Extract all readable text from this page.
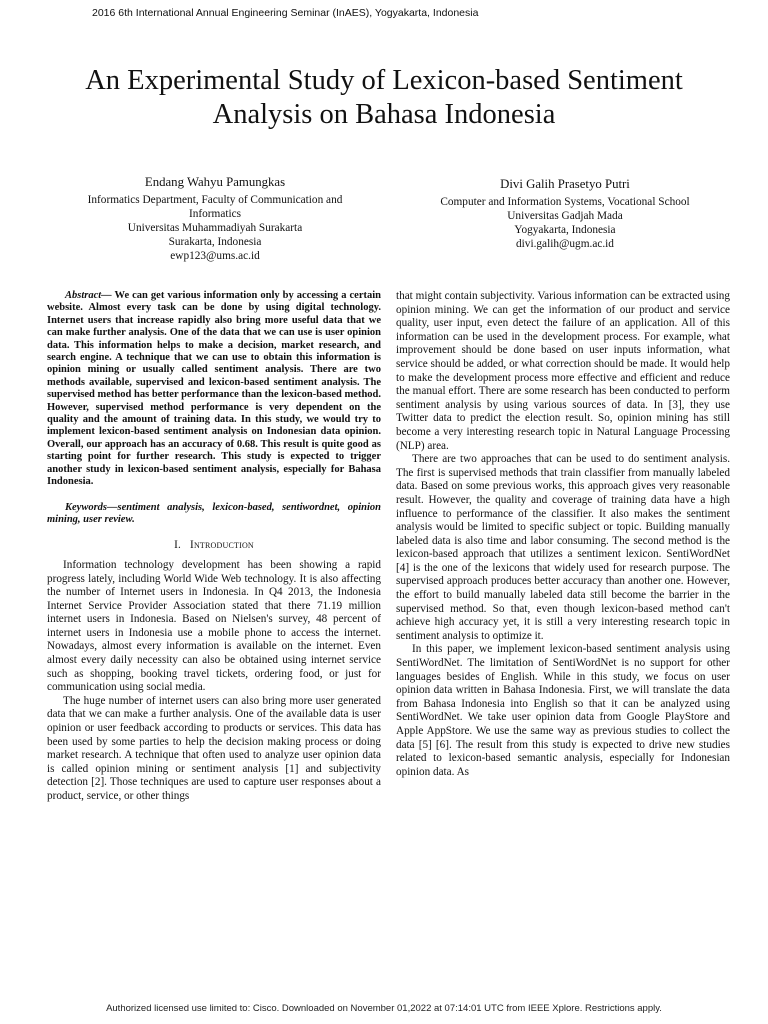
2016 6th International Annual Engineering Seminar (InAES), Yogyakarta, Indonesia
An Experimental Study of Lexicon-based Sentiment
Analysis on Bahasa Indonesia
Endang Wahyu Pamungkas
Informatics Department, Faculty of Communication and
Informatics
Universitas Muhammadiyah Surakarta
Surakarta, Indonesia
ewp123@ums.ac.id
Divi Galih Prasetyo Putri
Computer and Information Systems, Vocational School
Universitas Gadjah Mada
Yogyakarta, Indonesia
divi.galih@ugm.ac.id

Abstract— We can get various information only by accessing a certain website. Almost every task can be done by using digital technology. Internet users that increase rapidly also bring more useful data that we can make further analysis. One of the data that we can use is user opinion data. This information helps to make a decision, market research, and search engine. A technique that we can use to obtain this information is opinion mining or usually called sentiment analysis. There are two methods available, supervised and lexicon-based sentiment analysis. The supervised method has better performance than the lexicon-based method. However, supervised method performance is very dependent on the quality and the amount of training data. In this study, we would try to implement lexicon-based sentiment analysis on Indonesian data opinion. Overall, our approach has an accuracy of 0.68. This result is quite good as starting point for further research. This study is expected to trigger another study in lexicon-based sentiment analysis, especially for Bahasa Indonesia.

Keywords—sentiment analysis, lexicon-based, sentiwordnet, opinion mining, user review.

I. Introduction

Information technology development has been showing a rapid progress lately, including World Wide Web technology. It is also affecting the number of Internet users in Indonesia. In Q4 2013, the Indonesia Internet Service Provider Association stated that there 71.19 million internet users in Indonesia. Based on Nielsen's survey, 48 percent of internet users in Indonesia use a mobile phone to access the internet. Nowadays, almost every information is available on the internet. Even almost every daily necessity can also be obtained using internet service such as shopping, booking travel tickets, ordering food, or just for communication using social media.

The huge number of internet users can also bring more user generated data that we can make a further analysis. One of the available data is user opinion or user feedback according to products or services. This data has been used by some parties to help the decision making process or doing market research. A technique that often used to analyze user opinion data is called opinion mining or sentiment analysis [1] and subjectivity detection [2]. Those techniques are used to capture user responses about a product, service, or other things

that might contain subjectivity. Various information can be extracted using opinion mining. We can get the information of our product and service quality, user input, even detect the failure of an application. All of this information can be used in the development process. For example, what improvement should be done based on user inputs information, what service should be added, or what correction should be made. It would help to make the development process more effective and efficient and reduce the manual effort. There are some research has been conducted to perform sentiment analysis by using various sources of data. In [3], they use Twitter data to predict the election result. So, opinion mining has still become a very interesting research topic in Natural Language Processing (NLP) area.

There are two approaches that can be used to do sentiment analysis. The first is supervised methods that train classifier from manually labeled data. Based on some previous works, this approach gives very reasonable result. However, the quality and coverage of training data have a high influence to performance of the classifier. It also makes the sentiment analysis would be limited to specific subject or topic. Building manually labeled data is also time and labor consuming. The second method is the lexicon-based approach that utilizes a sentiment lexicon. SentiWordNet [4] is the one of the lexicons that widely used for research purpose. The supervised approach produces better accuracy than another one. However, the effort to build manually labeled data still become the barrier in the supervised method. So that, even though lexicon-based method can't achieve high accuracy yet, it is still a very interesting research topic in sentiment analysis to optimize it.

In this paper, we implement lexicon-based sentiment analysis using SentiWordNet. The limitation of SentiWordNet is no support for other languages besides of English. While in this study, we focus on user opinion data written in Bahasa Indonesia. First, we will translate the data from Bahasa Indonesia into English so that it can be analyzed using SentiWordNet. We take user opinion data from Google PlayStore and Apple AppStore. We use the same way as previous studies to collect the data [5] [6]. The result from this study is expected to drive new studies related to lexicon-based semantic analysis, especially for Indonesian opinion data. As

Authorized licensed use limited to: Cisco. Downloaded on November 01,2022 at 07:14:01 UTC from IEEE Xplore. Restrictions apply.
